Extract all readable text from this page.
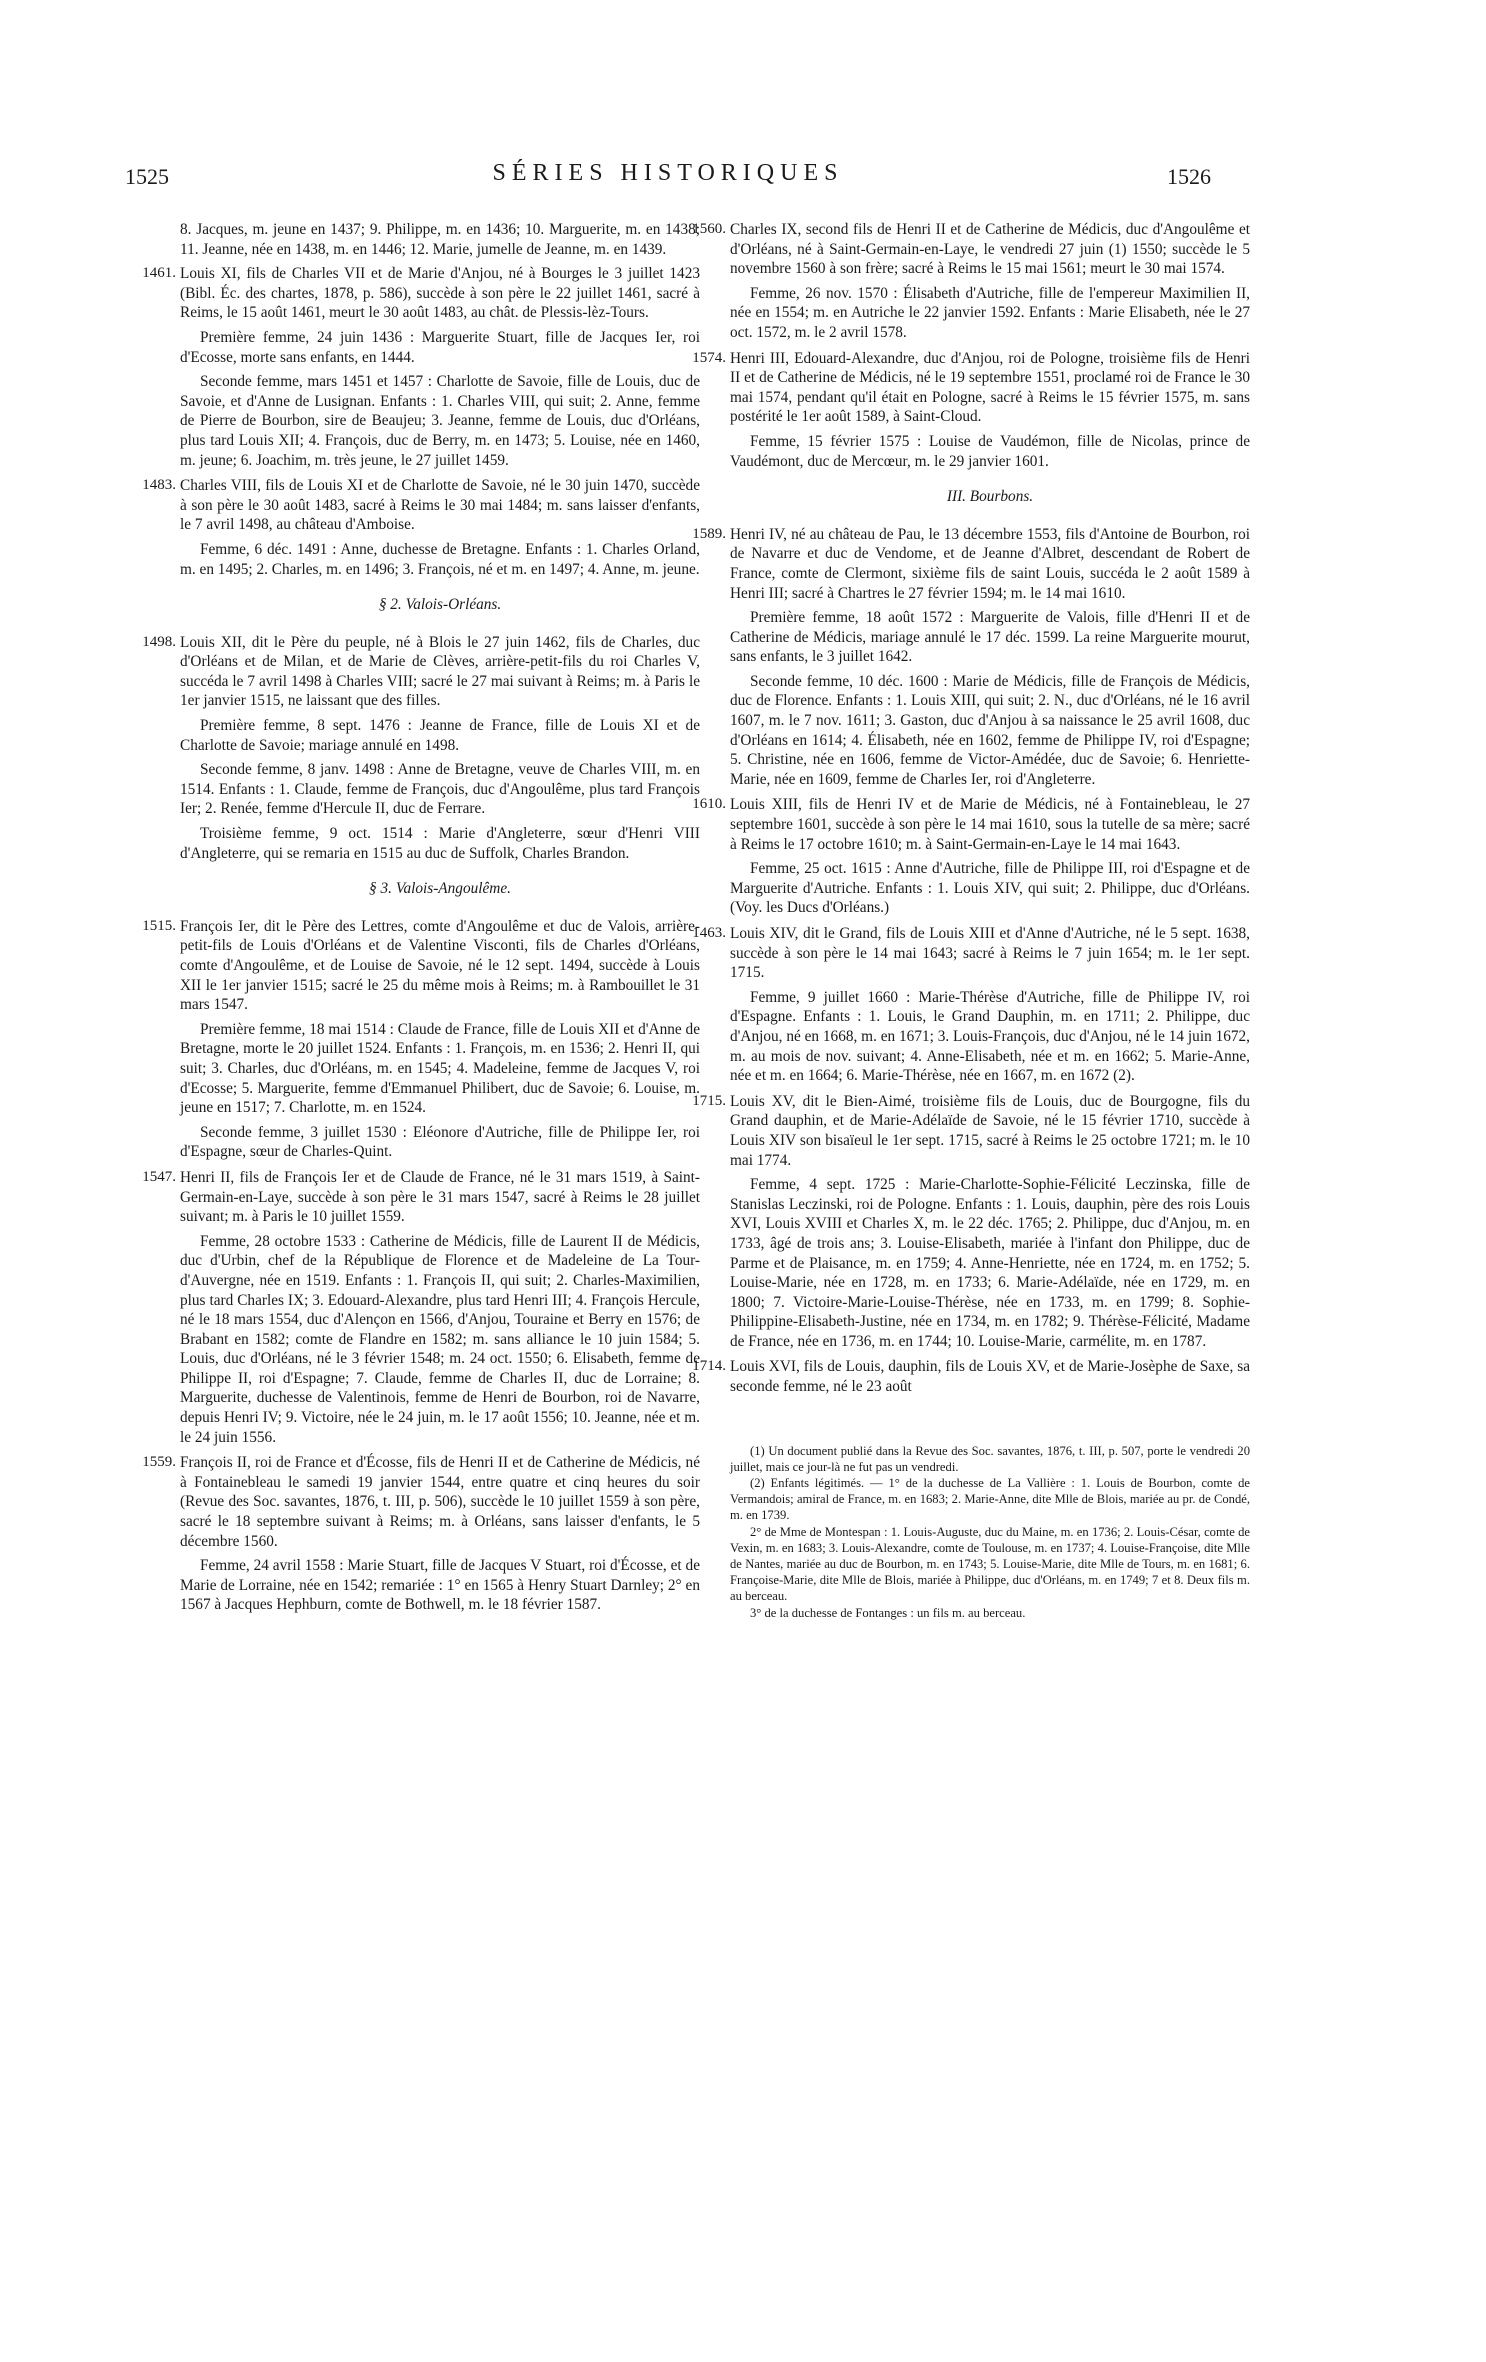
1525	SÉRIES HISTORIQUES	1526

8. Jacques, m. jeune en 1437; 9. Philippe, m. en 1436; 10. Marguerite, m. en 1438; 11. Jeanne, née en 1438, m. en 1446; 12. Marie, jumelle de Jeanne, m. en 1439.

1461. Louis XI, fils de Charles VII et de Marie d'Anjou, né à Bourges le 3 juillet 1423 (Bibl. Éc. des chartes, 1878, p. 586), succède à son père le 22 juillet 1461, sacré à Reims, le 15 août 1461, meurt le 30 août 1483, au chât. de Plessis-lèz-Tours.

Première femme, 24 juin 1436 : Marguerite Stuart, fille de Jacques Ier, roi d'Ecosse, morte sans enfants, en 1444.

Seconde femme, mars 1451 et 1457 : Charlotte de Savoie, fille de Louis, duc de Savoie, et d'Anne de Lusignan. Enfants : 1. Charles VIII, qui suit; 2. Anne, femme de Pierre de Bourbon, sire de Beaujeu; 3. Jeanne, femme de Louis, duc d'Orléans, plus tard Louis XII; 4. François, duc de Berry, m. en 1473; 5. Louise, née en 1460, m. jeune; 6. Joachim, m. très jeune, le 27 juillet 1459.

1483. Charles VIII, fils de Louis XI et de Charlotte de Savoie, né le 30 juin 1470, succède à son père le 30 août 1483, sacré à Reims le 30 mai 1484; m. sans laisser d'enfants, le 7 avril 1498, au château d'Amboise.

Femme, 6 déc. 1491 : Anne, duchesse de Bretagne. Enfants : 1. Charles Orland, m. en 1495; 2. Charles, m. en 1496; 3. François, né et m. en 1497; 4. Anne, m. jeune.

§ 2. Valois-Orléans.
1498. Louis XII, dit le Père du peuple, né à Blois le 27 juin 1462, fils de Charles, duc d'Orléans et de Milan, et de Marie de Clèves, arrière-petit-fils du roi Charles V, succéda le 7 avril 1498 à Charles VIII; sacré le 27 mai suivant à Reims; m. à Paris le 1er janvier 1515, ne laissant que des filles.

Première femme, 8 sept. 1476 : Jeanne de France, fille de Louis XI et de Charlotte de Savoie; mariage annulé en 1498.

Seconde femme, 8 janv. 1498 : Anne de Bretagne, veuve de Charles VIII, m. en 1514. Enfants : 1. Claude, femme de François, duc d'Angoulême, plus tard François Ier; 2. Renée, femme d'Hercule II, duc de Ferrare.

Troisième femme, 9 oct. 1514 : Marie d'Angleterre, sœur d'Henri VIII d'Angleterre, qui se remaria en 1515 au duc de Suffolk, Charles Brandon.

§ 3. Valois-Angoulême.
1515. François Ier, dit le Père des Lettres, comte d'Angoulême et duc de Valois, arrière-petit-fils de Louis d'Orléans et de Valentine Visconti, fils de Charles d'Orléans, comte d'Angoulême, et de Louise de Savoie, né le 12 sept. 1494, succède à Louis XII le 1er janvier 1515; sacré le 25 du même mois à Reims; m. à Rambouillet le 31 mars 1547.

Première femme, 18 mai 1514 : Claude de France, fille de Louis XII et d'Anne de Bretagne, morte le 20 juillet 1524. Enfants : 1. François, m. en 1536; 2. Henri II, qui suit; 3. Charles, duc d'Orléans, m. en 1545; 4. Madeleine, femme de Jacques V, roi d'Ecosse; 5. Marguerite, femme d'Emmanuel Philibert, duc de Savoie; 6. Louise, m. jeune en 1517; 7. Charlotte, m. en 1524.

Seconde femme, 3 juillet 1530 : Eléonore d'Autriche, fille de Philippe Ier, roi d'Espagne, sœur de Charles-Quint.

1547. Henri II, fils de François Ier et de Claude de France, né le 31 mars 1519, à Saint-Germain-en-Laye, succède à son père le 31 mars 1547, sacré à Reims le 28 juillet suivant; m. à Paris le 10 juillet 1559.

Femme, 28 octobre 1533 : Catherine de Médicis, fille de Laurent II de Médicis, duc d'Urbin, chef de la République de Florence et de Madeleine de La Tour-d'Auvergne, née en 1519. Enfants : 1. François II, qui suit; 2. Charles-Maximilien, plus tard Charles IX; 3. Edouard-Alexandre, plus tard Henri III; 4. François Hercule, né le 18 mars 1554, duc d'Alençon en 1566, d'Anjou, Touraine et Berry en 1576; de Brabant en 1582; comte de Flandre en 1582; m. sans alliance le 10 juin 1584; 5. Louis, duc d'Orléans, né le 3 février 1548; m. 24 oct. 1550; 6. Elisabeth, femme de Philippe II, roi d'Espagne; 7. Claude, femme de Charles II, duc de Lorraine; 8. Marguerite, duchesse de Valentinois, femme de Henri de Bourbon, roi de Navarre, depuis Henri IV; 9. Victoire, née le 24 juin, m. le 17 août 1556; 10. Jeanne, née et m. le 24 juin 1556.

1559. François II, roi de France et d'Écosse, fils de Henri II et de Catherine de Médicis, né à Fontainebleau le samedi 19 janvier 1544, entre quatre et cinq heures du soir (Revue des Soc. savantes, 1876, t. III, p. 506), succède le 10 juillet 1559 à son père, sacré le 18 septembre suivant à Reims; m. à Orléans, sans laisser d'enfants, le 5 décembre 1560.

Femme, 24 avril 1558 : Marie Stuart, fille de Jacques V Stuart, roi d'Écosse, et de Marie de Lorraine, née en 1542; remariée : 1° en 1565 à Henry Stuart Darnley; 2° en 1567 à Jacques Hephburn, comte de Bothwell, m. le 18 février 1587.

1560. Charles IX, second fils de Henri II et de Catherine de Médicis, duc d'Angoulême et d'Orléans, né à Saint-Germain-en-Laye, le vendredi 27 juin (1) 1550; succède le 5 novembre 1560 à son frère; sacré à Reims le 15 mai 1561; meurt le 30 mai 1574.

Femme, 26 nov. 1570 : Élisabeth d'Autriche, fille de l'empereur Maximilien II, née en 1554; m. en Autriche le 22 janvier 1592. Enfants : Marie Elisabeth, née le 27 oct. 1572, m. le 2 avril 1578.

1574. Henri III, Edouard-Alexandre, duc d'Anjou, roi de Pologne, troisième fils de Henri II et de Catherine de Médicis, né le 19 septembre 1551, proclamé roi de France le 30 mai 1574, pendant qu'il était en Pologne, sacré à Reims le 15 février 1575, m. sans postérité le 1er août 1589, à Saint-Cloud.

Femme, 15 février 1575 : Louise de Vaudémon, fille de Nicolas, prince de Vaudémont, duc de Mercœur, m. le 29 janvier 1601.

III. Bourbons.
1589. Henri IV, né au château de Pau, le 13 décembre 1553, fils d'Antoine de Bourbon, roi de Navarre et duc de Vendome, et de Jeanne d'Albret, descendant de Robert de France, comte de Clermont, sixième fils de saint Louis, succéda le 2 août 1589 à Henri III; sacré à Chartres le 27 février 1594; m. le 14 mai 1610.

Première femme, 18 août 1572 : Marguerite de Valois, fille d'Henri II et de Catherine de Médicis, mariage annulé le 17 déc. 1599. La reine Marguerite mourut, sans enfants, le 3 juillet 1642.

Seconde femme, 10 déc. 1600 : Marie de Médicis, fille de François de Médicis, duc de Florence. Enfants : 1. Louis XIII, qui suit; 2. N., duc d'Orléans, né le 16 avril 1607, m. le 7 nov. 1611; 3. Gaston, duc d'Anjou à sa naissance le 25 avril 1608, duc d'Orléans en 1614; 4. Élisabeth, née en 1602, femme de Philippe IV, roi d'Espagne; 5. Christine, née en 1606, femme de Victor-Amédée, duc de Savoie; 6. Henriette-Marie, née en 1609, femme de Charles Ier, roi d'Angleterre.

1610. Louis XIII, fils de Henri IV et de Marie de Médicis, né à Fontainebleau, le 27 septembre 1601, succède à son père le 14 mai 1610, sous la tutelle de sa mère; sacré à Reims le 17 octobre 1610; m. à Saint-Germain-en-Laye le 14 mai 1643.

Femme, 25 oct. 1615 : Anne d'Autriche, fille de Philippe III, roi d'Espagne et de Marguerite d'Autriche. Enfants : 1. Louis XIV, qui suit; 2. Philippe, duc d'Orléans. (Voy. les Ducs d'Orléans.)

1463. Louis XIV, dit le Grand, fils de Louis XIII et d'Anne d'Autriche, né le 5 sept. 1638, succède à son père le 14 mai 1643; sacré à Reims le 7 juin 1654; m. le 1er sept. 1715.

Femme, 9 juillet 1660 : Marie-Thérèse d'Autriche, fille de Philippe IV, roi d'Espagne. Enfants : 1. Louis, le Grand Dauphin, m. en 1711; 2. Philippe, duc d'Anjou, né en 1668, m. en 1671; 3. Louis-François, duc d'Anjou, né le 14 juin 1672, m. au mois de nov. suivant; 4. Anne-Elisabeth, née et m. en 1662; 5. Marie-Anne, née et m. en 1664; 6. Marie-Thérèse, née en 1667, m. en 1672 (2).

1715. Louis XV, dit le Bien-Aimé, troisième fils de Louis, duc de Bourgogne, fils du Grand dauphin, et de Marie-Adélaïde de Savoie, né le 15 février 1710, succède à Louis XIV son bisaïeul le 1er sept. 1715, sacré à Reims le 25 octobre 1721; m. le 10 mai 1774.

Femme, 4 sept. 1725 : Marie-Charlotte-Sophie-Félicité Leczinska, fille de Stanislas Leczinski, roi de Pologne. Enfants : 1. Louis, dauphin, père des rois Louis XVI, Louis XVIII et Charles X, m. le 22 déc. 1765; 2. Philippe, duc d'Anjou, m. en 1733, âgé de trois ans; 3. Louise-Elisabeth, mariée à l'infant don Philippe, duc de Parme et de Plaisance, m. en 1759; 4. Anne-Henriette, née en 1724, m. en 1752; 5. Louise-Marie, née en 1728, m. en 1733; 6. Marie-Adélaïde, née en 1729, m. en 1800; 7. Victoire-Marie-Louise-Thérèse, née en 1733, m. en 1799; 8. Sophie-Philippine-Elisabeth-Justine, née en 1734, m. en 1782; 9. Thérèse-Félicité, Madame de France, née en 1736, m. en 1744; 10. Louise-Marie, carmélite, m. en 1787.

1714. Louis XVI, fils de Louis, dauphin, fils de Louis XV, et de Marie-Josèphe de Saxe, sa seconde femme, né le 23 août

(1) Un document publié dans la Revue des Soc. savantes, 1876, t. III, p. 507, porte le vendredi 20 juillet, mais ce jour-là ne fut pas un vendredi.

(2) Enfants légitimés. — 1° de la duchesse de La Vallière : 1. Louis de Bourbon, comte de Vermandois; amiral de France, m. en 1683; 2. Marie-Anne, dite Mlle de Blois, mariée au pr. de Condé, m. en 1739.

2° de Mme de Montespan : 1. Louis-Auguste, duc du Maine, m. en 1736; 2. Louis-César, comte de Vexin, m. en 1683; 3. Louis-Alexandre, comte de Toulouse, m. en 1737; 4. Louise-Françoise, dite Mlle de Nantes, mariée au duc de Bourbon, m. en 1743; 5. Louise-Marie, dite Mlle de Tours, m. en 1681; 6. Françoise-Marie, dite Mlle de Blois, mariée à Philippe, duc d'Orléans, m. en 1749; 7 et 8. Deux fils m. au berceau.

3° de la duchesse de Fontanges : un fils m. au berceau.
